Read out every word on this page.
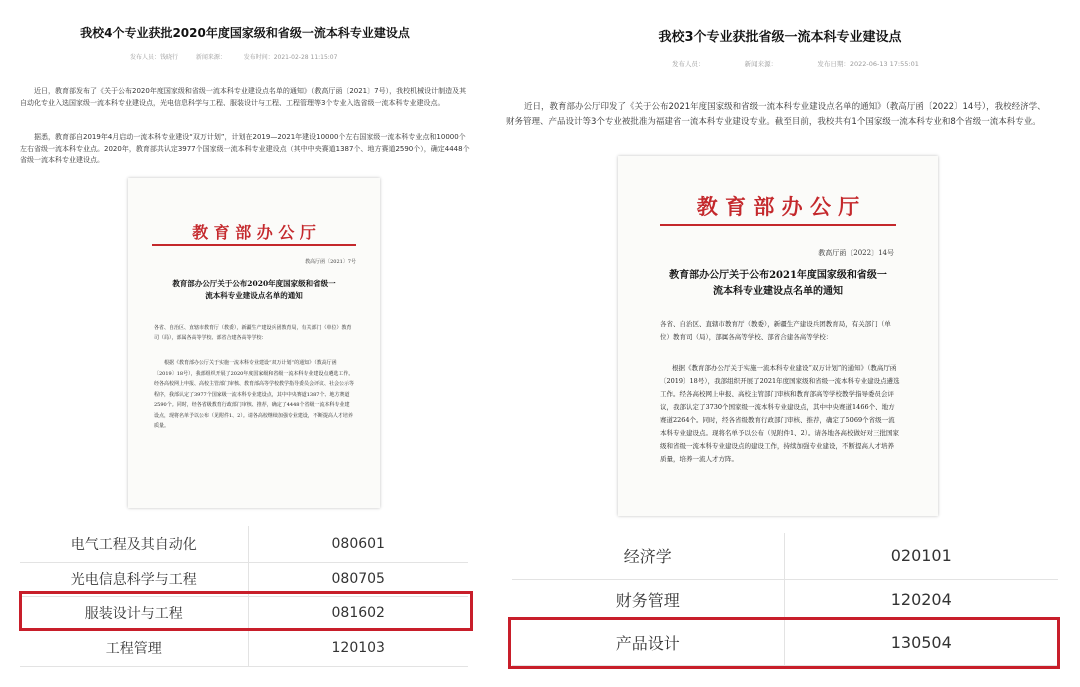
我校4个专业获批2020年度国家级和省级一流本科专业建设点
发布人员：钱晓行	新闻来源：	发布时间：2021-02-28 11:15:07
近日，教育部发布了《关于公布2020年度国家级和省级一流本科专业建设点名单的通知》（教高厅函〔2021〕7号），我校机械设计制造及其自动化专业入选国家级一流本科专业建设点，光电信息科学与工程、服装设计与工程、工程管理等3个专业入选省级一流本科专业建设点。
据悉，教育部自2019年4月启动一流本科专业建设“双万计划”，计划在2019—2021年建设10000个左右国家级一流本科专业点和10000个左右省级一流本科专业点。2020年，教育部共认定3977个国家级一流本科专业建设点（其中中央赛道1387个、地方赛道2590个），确定4448个省级一流本科专业建设点。
教 育 部 办 公 厅
教高厅函〔2021〕7号
教育部办公厅关于公布2020年度国家级和省级一流本科专业建设点名单的通知
各省、自治区、直辖市教育厅（教委），新疆生产建设兵团教育局，有关部门（单位）教育司（局），部属各高等学校、部省合建各高等学校：
根据《教育部办公厅关于实施一流本科专业建设“双万计划”的通知》（教高厅函〔2019〕18号），我部组织开展了2020年度国家级和省级一流本科专业建设点遴选工作。经各高校网上申报、高校主管部门审核、教育部高等学校教学指导委员会评议、社会公示等程序，我部认定了3977个国家级一流本科专业建设点，其中中央赛道1387个、地方赛道2590个。同时，经各省级教育行政部门审核、推荐，确定了4448个省级一流本科专业建设点，现将名单予以公布（见附件1、2）。请各高校继续加强专业建设，不断提高人才培养质量。
电气工程及其自动化	080601
光电信息科学与工程	080705
服装设计与工程	081602
工程管理	120103
我校3个专业获批省级一流本科专业建设点
发布人员：	新闻来源：	发布日期：2022-06-13 17:55:01
近日，教育部办公厅印发了《关于公布2021年度国家级和省级一流本科专业建设点名单的通知》（教高厅函〔2022〕14号），我校经济学、财务管理、产品设计等3个专业被批准为福建省一流本科专业建设专业。截至目前，我校共有1个国家级一流本科专业和8个省级一流本科专业。
教 育 部 办 公 厅
教高厅函〔2022〕14号
教育部办公厅关于公布2021年度国家级和省级一流本科专业建设点名单的通知
各省、自治区、直辖市教育厅（教委），新疆生产建设兵团教育局，有关部门（单位）教育司（局），部属各高等学校、部省合建各高等学校：
根据《教育部办公厅关于实施一流本科专业建设“双万计划”的通知》（教高厅函〔2019〕18号），我部组织开展了2021年度国家级和省级一流本科专业建设点遴选工作。经各高校网上申报、高校主管部门审核和教育部高等学校教学指导委员会评议，我部认定了3730个国家级一流本科专业建设点，其中中央赛道1466个、地方赛道2264个。同时，经各省级教育行政部门审核、推荐，确定了5069个省级一流本科专业建设点。现将名单予以公布（见附件1、2）。请各地各高校做好对三批国家级和省级一流本科专业建设点的建设工作，持续加强专业建设，不断提高人才培养质量，培养一流人才方阵。
经济学	020101
财务管理	120204
产品设计	130504
